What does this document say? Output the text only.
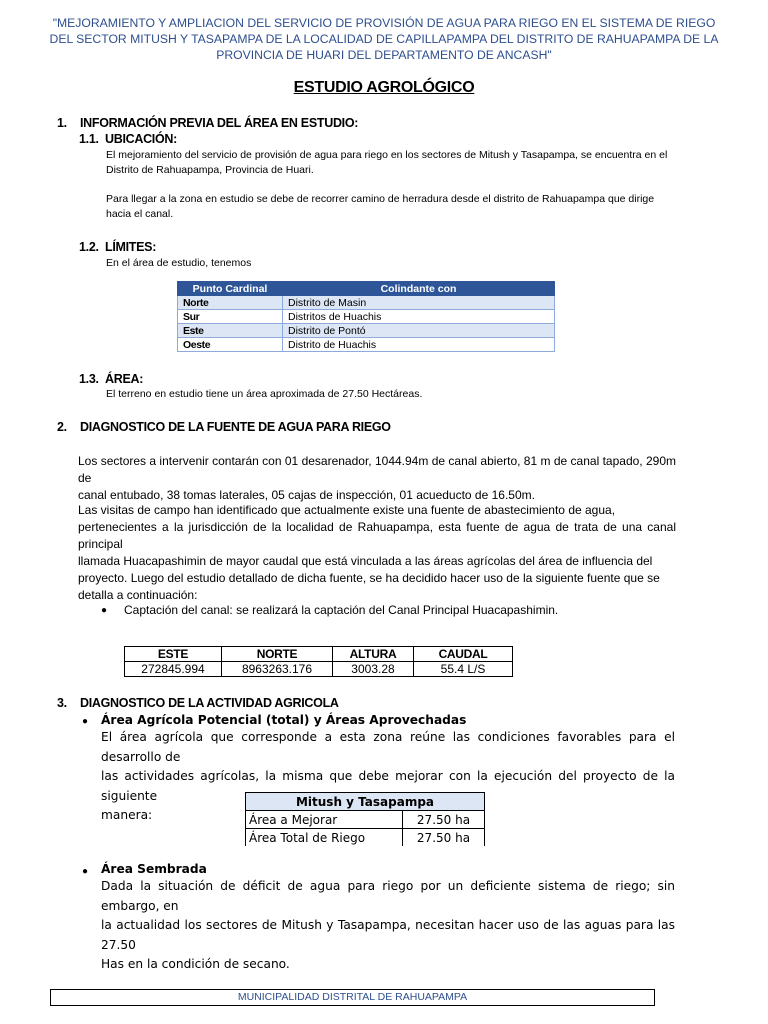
"MEJORAMIENTO Y AMPLIACION DEL SERVICIO DE PROVISIÓN DE AGUA PARA RIEGO EN EL SISTEMA DE RIEGO
DEL SECTOR MITUSH Y TASAPAMPA DE LA LOCALIDAD DE CAPILLAPAMPA DEL DISTRITO DE RAHUAPAMPA DE LA
PROVINCIA DE HUARI DEL DEPARTAMENTO DE ANCASH"
ESTUDIO AGROLÓGICO
1. INFORMACIÓN PREVIA DEL ÁREA EN ESTUDIO:
1.1. UBICACIÓN:
El mejoramiento del servicio de provisión de agua para riego en los sectores de Mitush y Tasapampa, se encuentra en el
Distrito de Rahuapampa, Provincia de Huari.
Para llegar a la zona en estudio se debe de recorrer camino de herradura desde el distrito de Rahuapampa que dirige
hacia el canal.
1.2. LÍMITES:
En el área de estudio, tenemos
Punto Cardinal	Colindante con
Norte	Distrito de Masin
Sur	Distritos de Huachis
Este	Distrito de Pontó
Oeste	Distrito de Huachis
1.3. ÁREA:
El terreno en estudio tiene un área aproximada de 27.50 Hectáreas.
2. DIAGNOSTICO DE LA FUENTE DE AGUA PARA RIEGO
Los sectores a intervenir contarán con 01 desarenador, 1044.94m de canal abierto, 81 m de canal tapado, 290m de
canal entubado, 38 tomas laterales, 05 cajas de inspección, 01 acueducto de 16.50m.
Las visitas de campo han identificado que actualmente existe una fuente de abastecimiento de agua,
pertenecientes a la jurisdicción de la localidad de Rahuapampa, esta fuente de agua de trata de una canal principal
llamada Huacapashimin de mayor caudal que está vinculada a las áreas agrícolas del área de influencia del
proyecto. Luego del estudio detallado de dicha fuente, se ha decidido hacer uso de la siguiente fuente que se
detalla a continuación:
● Captación del canal: se realizará la captación del Canal Principal Huacapashimin.
ESTE	NORTE	ALTURA	CAUDAL
272845.994	8963263.176	3003.28	55.4 L/S
3. DIAGNOSTICO DE LA ACTIVIDAD AGRICOLA
● Área Agrícola Potencial (total) y Áreas Aprovechadas
El área agrícola que corresponde a esta zona reúne las condiciones favorables para el desarrollo de
las actividades agrícolas, la misma que debe mejorar con la ejecución del proyecto de la siguiente
manera:
Mitush y Tasapampa	
Área a Mejorar	27.50 ha
Área Total de Riego	27.50 ha
● Área Sembrada
Dada la situación de déficit de agua para riego por un deficiente sistema de riego; sin embargo, en
la actualidad los sectores de Mitush y Tasapampa, necesitan hacer uso de las aguas para las 27.50
Has en la condición de secano.
MUNICIPALIDAD DISTRITAL DE RAHUAPAMPA
